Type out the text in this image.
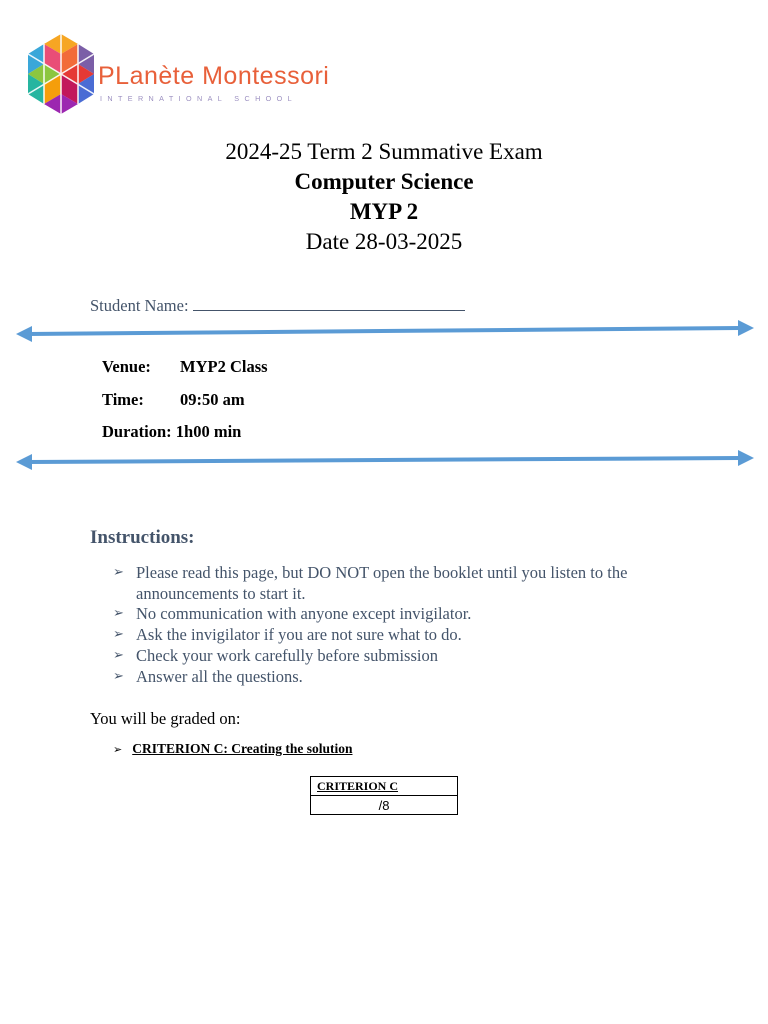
PLanète Montessori
INTERNATIONAL SCHOOL
2024-25 Term 2 Summative Exam
Computer Science
MYP 2
Date 28-03-2025
Student Name:
Venue: MYP2 Class
Time: 09:50 am
Duration: 1h00 min
Instructions:
➢ Please read this page, but DO NOT open the booklet until you listen to the announcements to start it.
➢ No communication with anyone except invigilator.
➢ Ask the invigilator if you are not sure what to do.
➢ Check your work carefully before submission
➢ Answer all the questions.
You will be graded on:
➢ CRITERION C: Creating the solution
CRITERION C
/8
